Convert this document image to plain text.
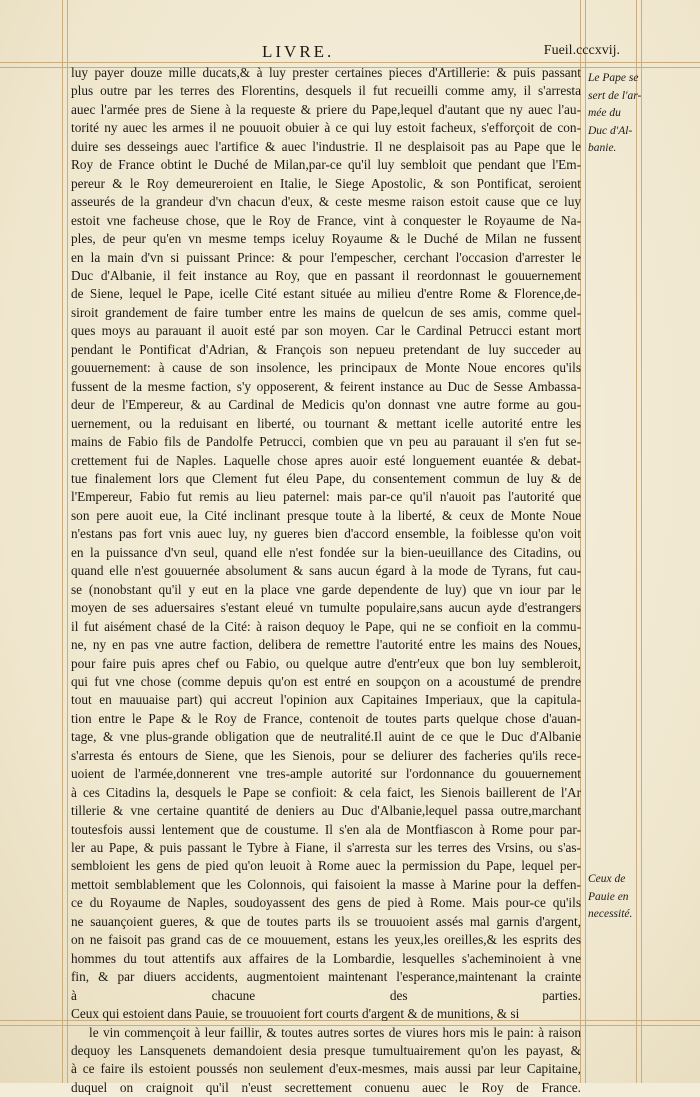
LIVRE.	Fueil.cccxvij.
luy payer douze mille ducats,& à luy prester certaines pieces d'Artillerie: & puis passant
plus outre par les terres des Florentins, desquels il fut recueilli comme amy, il s'arresta
auec l'armée pres de Siene à la requeste & priere du Pape,lequel d'autant que ny auec l'au-
torité ny auec les armes il ne pouuoit obuier à ce qui luy estoit facheux, s'efforçoit de con-
duire ses desseings auec l'artifice & auec l'industrie. Il ne desplaisoit pas au Pape que le
Roy de France obtint le Duché de Milan,par-ce qu'il luy sembloit que pendant que l'Em-
pereur & le Roy demeureroient en Italie, le Siege Apostolic, & son Pontificat, seroient
asseurés de la grandeur d'vn chacun d'eux, & ceste mesme raison estoit cause que ce luy
estoit vne facheuse chose, que le Roy de France, vint à conquester le Royaume de Na-
ples, de peur qu'en vn mesme temps iceluy Royaume & le Duché de Milan ne fussent
en la main d'vn si puissant Prince: & pour l'empescher, cerchant l'occasion d'arrester le
Duc d'Albanie, il feit instance au Roy, que en passant il reordonnast le gouuernement
de Siene, lequel le Pape, icelle Cité estant située au milieu d'entre Rome & Florence,de-
siroit grandement de faire tumber entre les mains de quelcun de ses amis, comme quel-
ques moys au parauant il auoit esté par son moyen. Car le Cardinal Petrucci estant mort
pendant le Pontificat d'Adrian, & François son nepueu pretendant de luy succeder au
gouuernement: à cause de son insolence, les principaux de Monte Noue encores qu'ils
fussent de la mesme faction, s'y opposerent, & feirent instance au Duc de Sesse Ambassa-
deur de l'Empereur, & au Cardinal de Medicis qu'on donnast vne autre forme au gou-
uernement, ou la reduisant en liberté, ou tournant & mettant icelle autorité entre les
mains de Fabio fils de Pandolfe Petrucci, combien que vn peu au parauant il s'en fut se-
crettement fui de Naples. Laquelle chose apres auoir esté longuement euantée & debat-
tue finalement lors que Clement fut éleu Pape, du consentement commun de luy & de
l'Empereur, Fabio fut remis au lieu paternel: mais par-ce qu'il n'auoit pas l'autorité que
son pere auoit eue, la Cité inclinant presque toute à la liberté, & ceux de Monte Noue
n'estans pas fort vnis auec luy, ny gueres bien d'accord ensemble, la foiblesse qu'on voit
en la puissance d'vn seul, quand elle n'est fondée sur la bien-ueuillance des Citadins, ou
quand elle n'est gouuernée absolument & sans aucun égard à la mode de Tyrans, fut cau-
se (nonobstant qu'il y eut en la place vne garde dependente de luy) que vn iour par le
moyen de ses aduersaires s'estant eleué vn tumulte populaire,sans aucun ayde d'estrangers
il fut aisément chasé de la Cité: à raison dequoy le Pape, qui ne se confioit en la commu-
ne, ny en pas vne autre faction, delibera de remettre l'autorité entre les mains des Noues,
pour faire puis apres chef ou Fabio, ou quelque autre d'entr'eux que bon luy sembleroit,
qui fut vne chose (comme depuis qu'on est entré en soupçon on a acoustumé de prendre
tout en mauuaise part) qui accreut l'opinion aux Capitaines Imperiaux, que la capitula-
tion entre le Pape & le Roy de France, contenoit de toutes parts quelque chose d'auan-
tage, & vne plus-grande obligation que de neutralité.Il auint de ce que le Duc d'Albanie
s'arresta és entours de Siene, que les Sienois, pour se deliurer des facheries qu'ils rece-
uoient de l'armée,donnerent vne tres-ample autorité sur l'ordonnance du gouuernement
à ces Citadins la, desquels le Pape se confioit: & cela faict, les Sienois baillerent de l'Ar
tillerie & vne certaine quantité de deniers au Duc d'Albanie,lequel passa outre,marchant
toutesfois aussi lentement que de coustume. Il s'en ala de Montfiascon à Rome pour par-
ler au Pape, & puis passant le Tybre à Fiane, il s'arresta sur les terres des Vrsins, ou s'as-
sembloient les gens de pied qu'on leuoit à Rome auec la permission du Pape, lequel per-
mettoit semblablement que les Colonnois, qui faisoient la masse à Marine pour la deffen-
ce du Royaume de Naples, soudoyassent des gens de pied à Rome. Mais pour-ce qu'ils
ne sauançoient gueres, & que de toutes parts ils se trouuoient assés mal garnis d'argent,
on ne faisoit pas grand cas de ce mouuement, estans les yeux,les oreilles,& les esprits des
hommes du tout attentifs aux affaires de la Lombardie, lesquelles s'acheminoient à vne
fin, & par diuers accidents, augmentoient maintenant l'esperance,maintenant la crainte
à chacune des parties.
Ceux qui estoient dans Pauie, se trouuoient fort courts d'argent & de munitions, & si
le vin commençoit à leur faillir, & toutes autres sortes de viures hors mis le pain: à raison
dequoy les Lansquenets demandoient desia presque tumultuairement qu'on les payast, &
à ce faire ils estoient poussés non seulement d'eux-mesmes, mais aussi par leur Capitaine,
duquel on craignoit qu'il n'eust secrettement conuenu auec le Roy de France.
Le Pape se
sert de l'ar-
mée du
Duc d'Al-
banie.
Ceux de
Pauie en
necessité.
